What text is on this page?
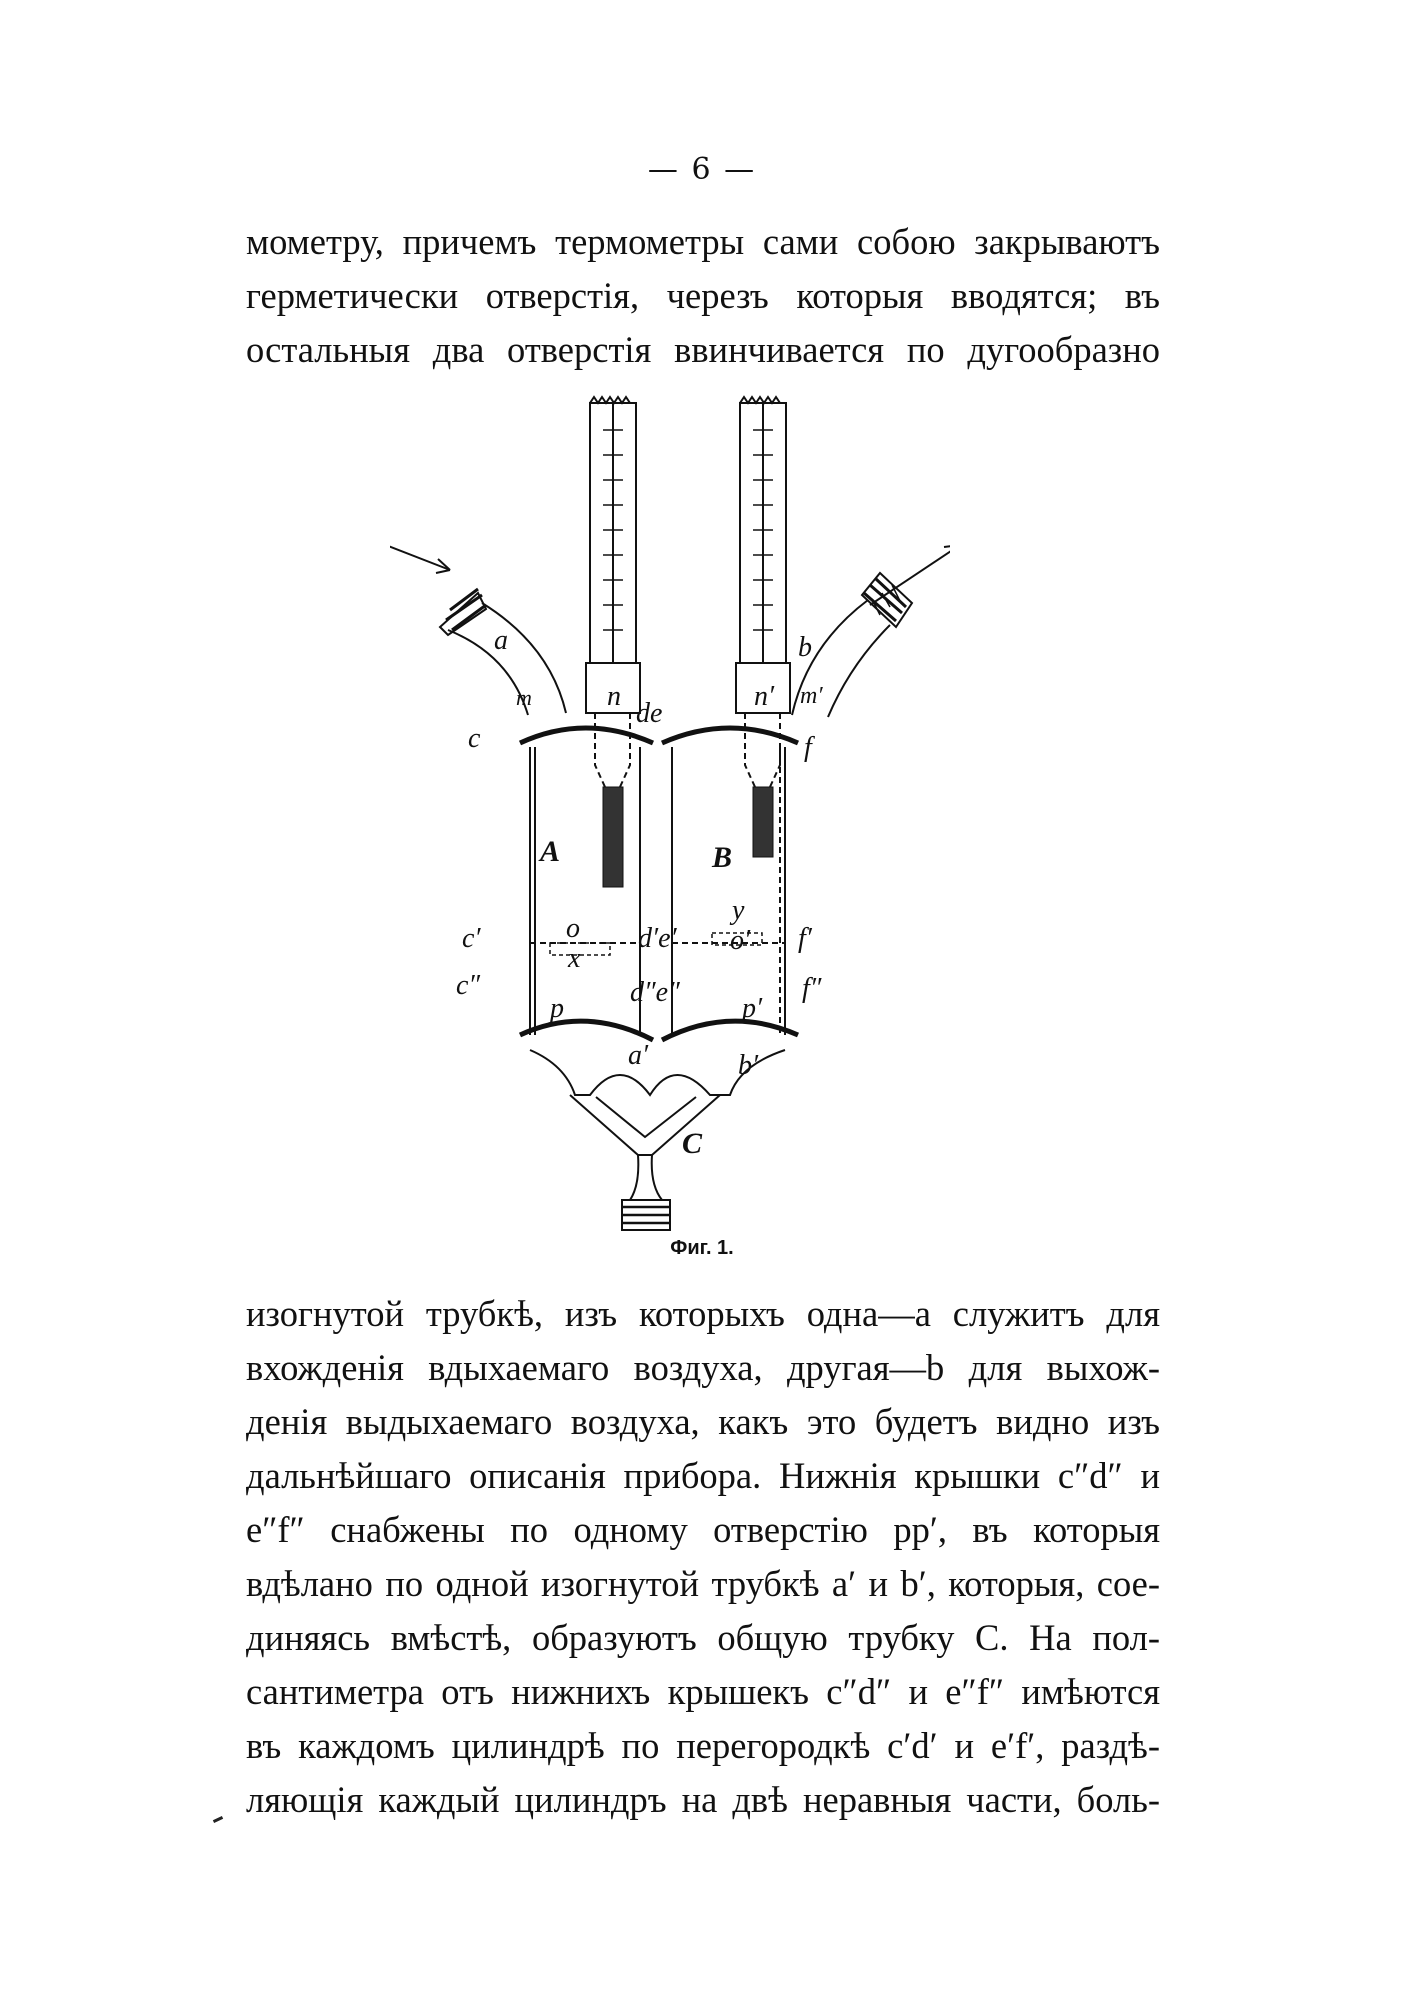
— 6 —
мометру, причемъ термометры сами собою закрываютъ
герметически отверстія, черезъ которыя вводятся; въ
остальныя два отверстія ввинчивается по дугообразно
a	b
m	n	n′ m′
c
de
f
A	B
c′	d′e′	f′
o
x
y
o′
c″	d″e″	f″
p	p′
a′	b′
C
Фиг. 1.
изогнутой трубкѣ, изъ которыхъ одна—a служитъ для
вхожденія вдыхаемаго воздуха, другая—b для выхож-
денія выдыхаемаго воздуха, какъ это будетъ видно изъ
дальнѣйшаго описанія прибора. Нижнія крышки c″d″ и
e″f″ снабжены по одному отверстію pp′, въ которыя
вдѣлано по одной изогнутой трубкѣ a′ и b′, которыя, сое-
диняясь вмѣстѣ, образуютъ общую трубку C. На пол-
сантиметра отъ нижнихъ крышекъ c″d″ и e″f″ имѣются
въ каждомъ цилиндрѣ по перегородкѣ c′d′ и e′f′, раздѣ-
ляющія каждый цилиндръ на двѣ неравныя части, боль-
